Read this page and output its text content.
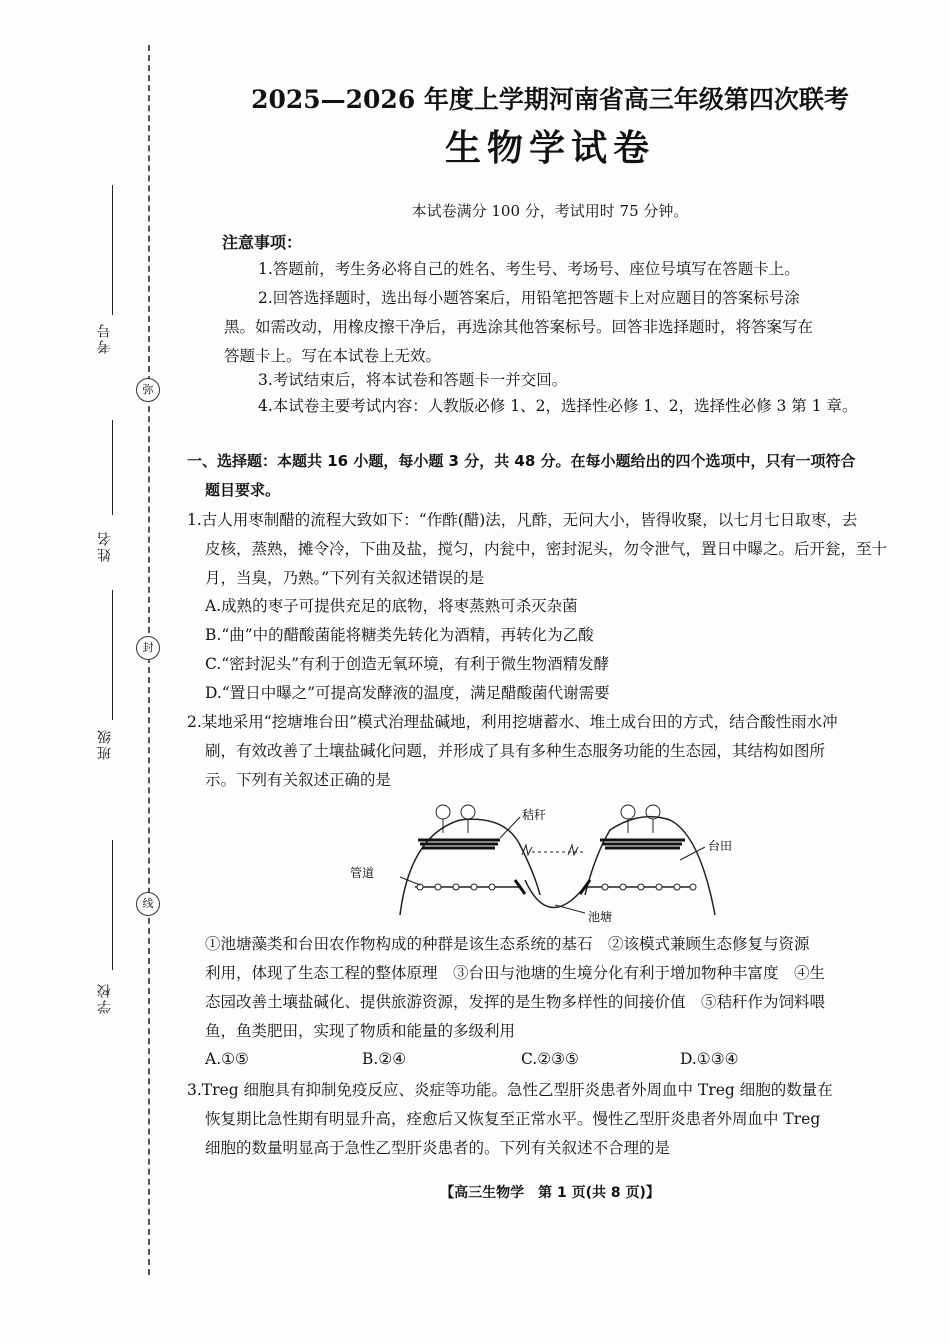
考号
姓名
班级
学校
弥
封
线
2025—2026 年度上学期河南省高三年级第四次联考
生物学试卷
本试卷满分 100 分，考试用时 75 分钟。
注意事项：
1.答题前，考生务必将自己的姓名、考生号、考场号、座位号填写在答题卡上。
2.回答选择题时，选出每小题答案后，用铅笔把答题卡上对应题目的答案标号涂
黑。如需改动，用橡皮擦干净后，再选涂其他答案标号。回答非选择题时，将答案写在
答题卡上。写在本试卷上无效。
3.考试结束后，将本试卷和答题卡一并交回。
4.本试卷主要考试内容：人教版必修 1、2，选择性必修 1、2，选择性必修 3 第 1 章。
一、选择题：本题共 16 小题，每小题 3 分，共 48 分。在每小题给出的四个选项中，只有一项符合
题目要求。
1.古人用枣制醋的流程大致如下：“作酢(醋)法，凡酢，无问大小，皆得收聚，以七月七日取枣，去
皮核，蒸熟，摊令冷，下曲及盐，搅匀，内瓮中，密封泥头，勿令泄气，置日中曝之。后开瓮，至十
月，当臭，乃熟。”下列有关叙述错误的是
A.成熟的枣子可提供充足的底物，将枣蒸熟可杀灭杂菌
B.“曲”中的醋酸菌能将糖类先转化为酒精，再转化为乙酸
C.“密封泥头”有利于创造无氧环境，有利于微生物酒精发酵
D.“置日中曝之”可提高发酵液的温度，满足醋酸菌代谢需要
2.某地采用“挖塘堆台田”模式治理盐碱地，利用挖塘蓄水、堆土成台田的方式，结合酸性雨水冲
刷，有效改善了土壤盐碱化问题，并形成了具有多种生态服务功能的生态园，其结构如图所
示。下列有关叙述正确的是
秸秆
台田
管道
池塘
①池塘藻类和台田农作物构成的种群是该生态系统的基石　②该模式兼顾生态修复与资源
利用，体现了生态工程的整体原理　③台田与池塘的生境分化有利于增加物种丰富度　④生
态园改善土壤盐碱化、提供旅游资源，发挥的是生物多样性的间接价值　⑤秸秆作为饲料喂
鱼，鱼类肥田，实现了物质和能量的多级利用
A.①⑤	B.②④	C.②③⑤	D.①③④
3.Treg 细胞具有抑制免疫反应、炎症等功能。急性乙型肝炎患者外周血中 Treg 细胞的数量在
恢复期比急性期有明显升高，痊愈后又恢复至正常水平。慢性乙型肝炎患者外周血中 Treg
细胞的数量明显高于急性乙型肝炎患者的。下列有关叙述不合理的是
【高三生物学　第 1 页(共 8 页)】
